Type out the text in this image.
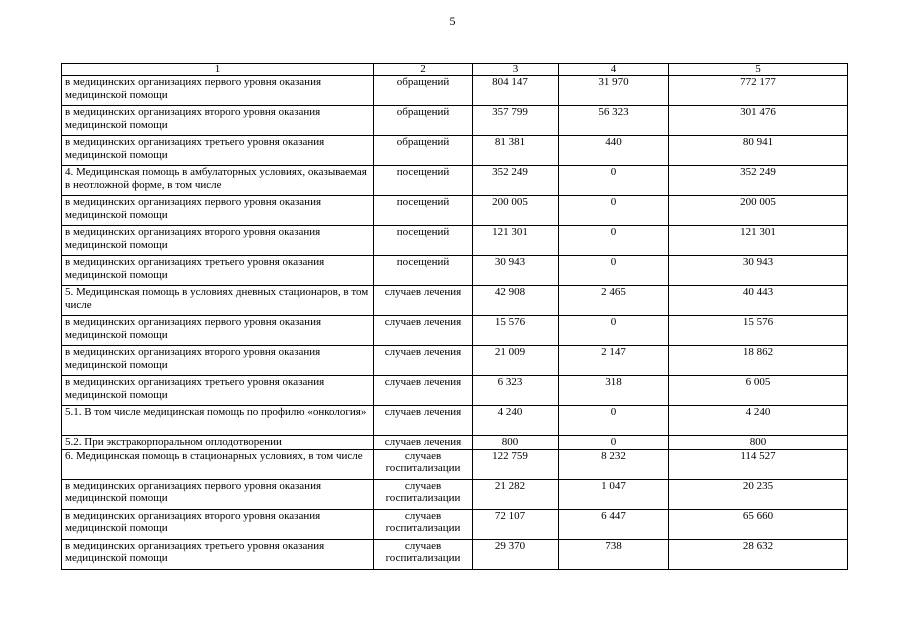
5
1	2	3	4	5
в медицинских организациях первого уровня оказания медицинской помощи	обращений	804 147	31 970	772 177
в медицинских организациях второго уровня оказания медицинской помощи	обращений	357 799	56 323	301 476
в медицинских организациях третьего уровня оказания медицинской помощи	обращений	81 381	440	80 941
4. Медицинская помощь в амбулаторных условиях, оказываемая в неотложной форме, в том числе	посещений	352 249	0	352 249
в медицинских организациях первого уровня оказания медицинской помощи	посещений	200 005	0	200 005
в медицинских организациях второго уровня оказания медицинской помощи	посещений	121 301	0	121 301
в медицинских организациях третьего уровня оказания медицинской помощи	посещений	30 943	0	30 943
5. Медицинская помощь в условиях дневных стационаров, в том числе	случаев лечения	42 908	2 465	40 443
в медицинских организациях первого уровня оказания медицинской помощи	случаев лечения	15 576	0	15 576
в медицинских организациях второго уровня оказания медицинской помощи	случаев лечения	21 009	2 147	18 862
в медицинских организациях третьего уровня оказания медицинской помощи	случаев лечения	6 323	318	6 005
5.1. В том числе медицинская помощь по профилю «онкология»	случаев лечения	4 240	0	4 240
5.2. При экстракорпоральном оплодотворении	случаев лечения	800	0	800
6. Медицинская помощь в стационарных условиях, в том числе	случаев госпитализации	122 759	8 232	114 527
в медицинских организациях первого уровня оказания медицинской помощи	случаев госпитализации	21 282	1 047	20 235
в медицинских организациях второго уровня оказания медицинской помощи	случаев госпитализации	72 107	6 447	65 660
в медицинских организациях третьего уровня оказания медицинской помощи	случаев госпитализации	29 370	738	28 632
